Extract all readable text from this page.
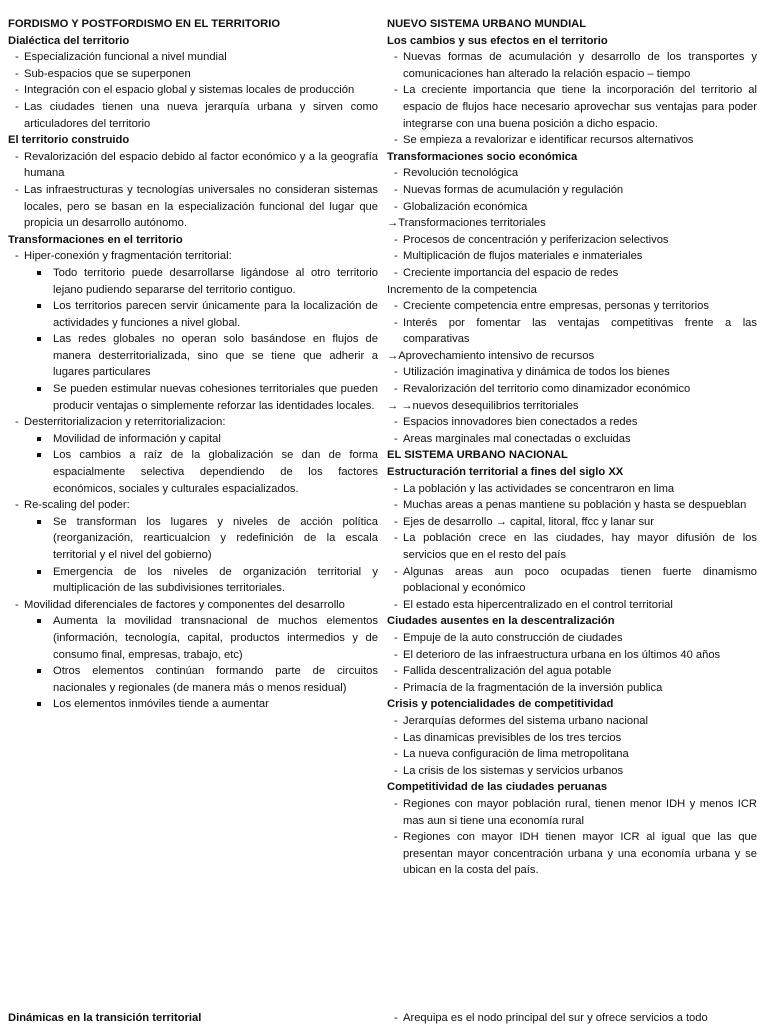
FORDISMO Y POSTFORDISMO EN EL TERRITORIO
Dialéctica del territorio
- Especialización funcional a nivel mundial
- Sub-espacios que se superponen
- Integración con el espacio global y sistemas locales de producción
- Las ciudades tienen una nueva jerarquía urbana y sirven como articuladores del territorio
El territorio construido
- Revalorización del espacio debido al factor económico y a la geografía humana
- Las infraestructuras y tecnologías universales no consideran sistemas locales, pero se basan en la especialización funcional del lugar que propicia un desarrollo autónomo.
Transformaciones en el territorio
- Hiper-conexión y fragmentación territorial:
Todo territorio puede desarrollarse ligándose al otro territorio lejano pudiendo separarse del territorio contiguo.
Los territorios parecen servir únicamente para la localización de actividades y funciones a nivel global.
Las redes globales no operan solo basándose en flujos de manera desterritorializada, sino que se tiene que adherir a lugares particulares
Se pueden estimular nuevas cohesiones territoriales que pueden producir ventajas o simplemente reforzar las identidades locales.
- Desterritorializacion y reterritorializacion:
Movilidad de información y capital
Los cambios a raíz de la globalización se dan de forma espacialmente selectiva dependiendo de los factores económicos, sociales y culturales espacializados.
- Re-scaling del poder:
Se transforman los lugares y niveles de acción política (reorganización, rearticualcion y redefinición de la escala territorial y el nivel del gobierno)
Emergencia de los niveles de organización territorial y multiplicación de las subdivisiones territoriales.
- Movilidad diferenciales de factores y componentes del desarrollo
Aumenta la movilidad transnacional de muchos elementos (información, tecnología, capital, productos intermedios y de consumo final, empresas, trabajo, etc)
Otros elementos continúan formando parte de circuitos nacionales y regionales (de manera más o menos residual)
Los elementos inmóviles tiende a aumentar
NUEVO SISTEMA URBANO MUNDIAL
Los cambios y sus efectos en el territorio
- Nuevas formas de acumulación y desarrollo de los transportes y comunicaciones han alterado la relación espacio – tiempo
- La creciente importancia que tiene la incorporación del territorio al espacio de flujos hace necesario aprovechar sus ventajas para poder integrarse con una buena posición a dicho espacio.
- Se empieza a revalorizar e identificar recursos alternativos
Transformaciones socio económica
- Revolución tecnológica
- Nuevas formas de acumulación y regulación
- Globalización económica
→Transformaciones territoriales
- Procesos de concentración y periferizacion selectivos
- Multiplicación de flujos materiales e inmateriales
- Creciente importancia del espacio de redes
Incremento de la competencia
- Creciente competencia entre empresas, personas y territorios
- Interés por fomentar las ventajas competitivas frente a las comparativas
→Aprovechamiento intensivo de recursos
- Utilización imaginativa y dinámica de todos los bienes
- Revalorización del territorio como dinamizador económico
→ →nuevos desequilibrios territoriales
- Espacios innovadores bien conectados a redes
- Areas marginales mal conectadas o excluidas
EL SISTEMA URBANO NACIONAL
Estructuración territorial a fines del siglo XX
- La población y las actividades se concentraron en lima
- Muchas areas a penas mantiene su población y hasta se despueblan
- Ejes de desarrollo → capital, litoral, ffcc y lanar sur
- La población crece en las ciudades, hay mayor difusión de los servicios que en el resto del país
- Algunas areas aun poco ocupadas tienen fuerte dinamismo poblacional y económico
- El estado esta hipercentralizado en el control territorial
Ciudades ausentes en la descentralización
- Empuje de la auto construcción de ciudades
- El deterioro de las infraestructura urbana en los últimos 40 años
- Fallida descentralización del agua potable
- Primacía de la fragmentación de la inversión publica
Crisis y potencialidades de competitividad
- Jerarquías deformes del sistema urbano nacional
- Las dinamicas previsibles de los tres tercios
- La nueva configuración de lima metropolitana
- La crisis de los sistemas y servicios urbanos
Competitividad de las ciudades peruanas
- Regiones con mayor población rural, tienen menor IDH y menos ICR mas aun si tiene una economía rural
- Regiones con mayor IDH tienen mayor ICR al igual que las que presentan mayor concentración urbana y una economía urbana y se ubican en la costa del país.
Dinámicas en la transición territorial
-	Arequipa es el nodo principal del sur y ofrece servicios a todo
